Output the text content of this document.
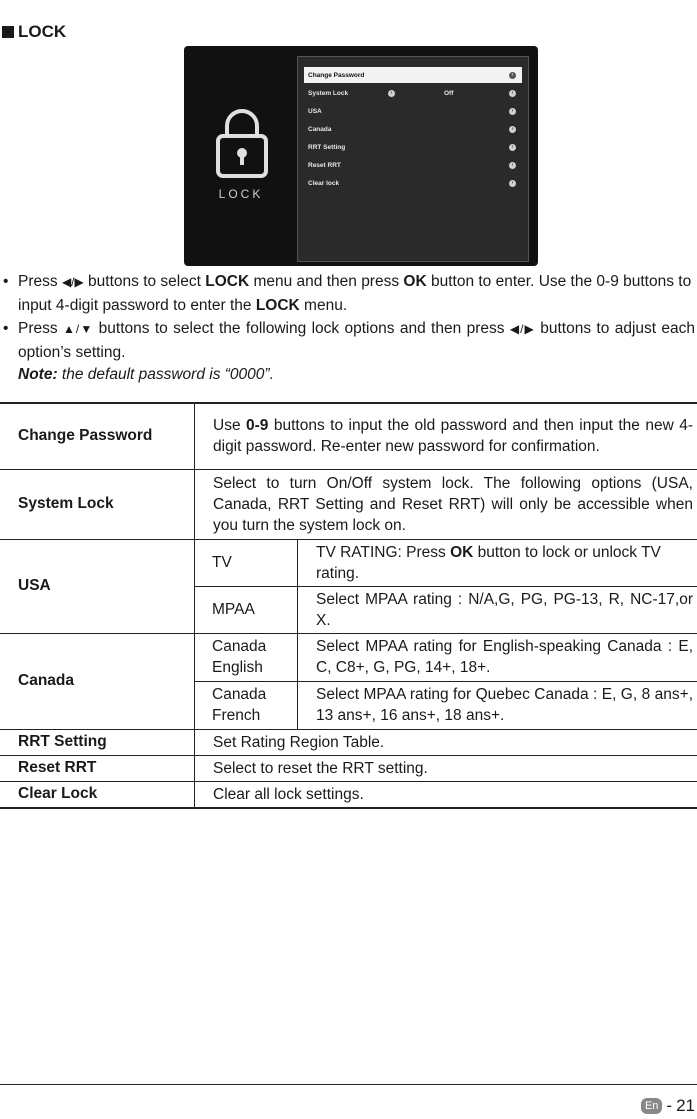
LOCK
LOCK
Change Password	›
System Lock	‹	Off	›
USA	›
Canada	›
RRT Setting	›
Reset RRT	›
Clear lock	›
• Press ◀/▶ buttons to select LOCK menu and then press OK button to enter. Use the 0-9 buttons to input 4-digit password to enter the LOCK menu.
• Press ▲/▼ buttons to select the following lock options and then press ◀/▶ buttons to adjust each option’s setting.
Note: the default password is “0000”.
Change Password	Use 0-9 buttons to input the old password and then input the new 4-digit password. Re-enter new password for confirmation.	
System Lock	Select to turn On/Off system lock. The following options (USA, Canada, RRT Setting and Reset RRT) will only be accessible when you turn the system lock on.	
USA	TV	TV RATING: Press OK button to lock or unlock TV rating.
	MPAA	Select MPAA rating : N/A,G, PG, PG-13, R, NC-17,or X.
Canada	Canada English	Select MPAA rating for English-speaking Canada : E, C, C8+, G, PG, 14+, 18+.
	Canada French	Select MPAA rating for Quebec Canada : E, G, 8 ans+, 13 ans+, 16 ans+, 18 ans+.
RRT Setting	Set Rating Region Table.	
Reset RRT	Select to reset the RRT setting.	
Clear Lock	Clear all lock settings.	
En - 21
